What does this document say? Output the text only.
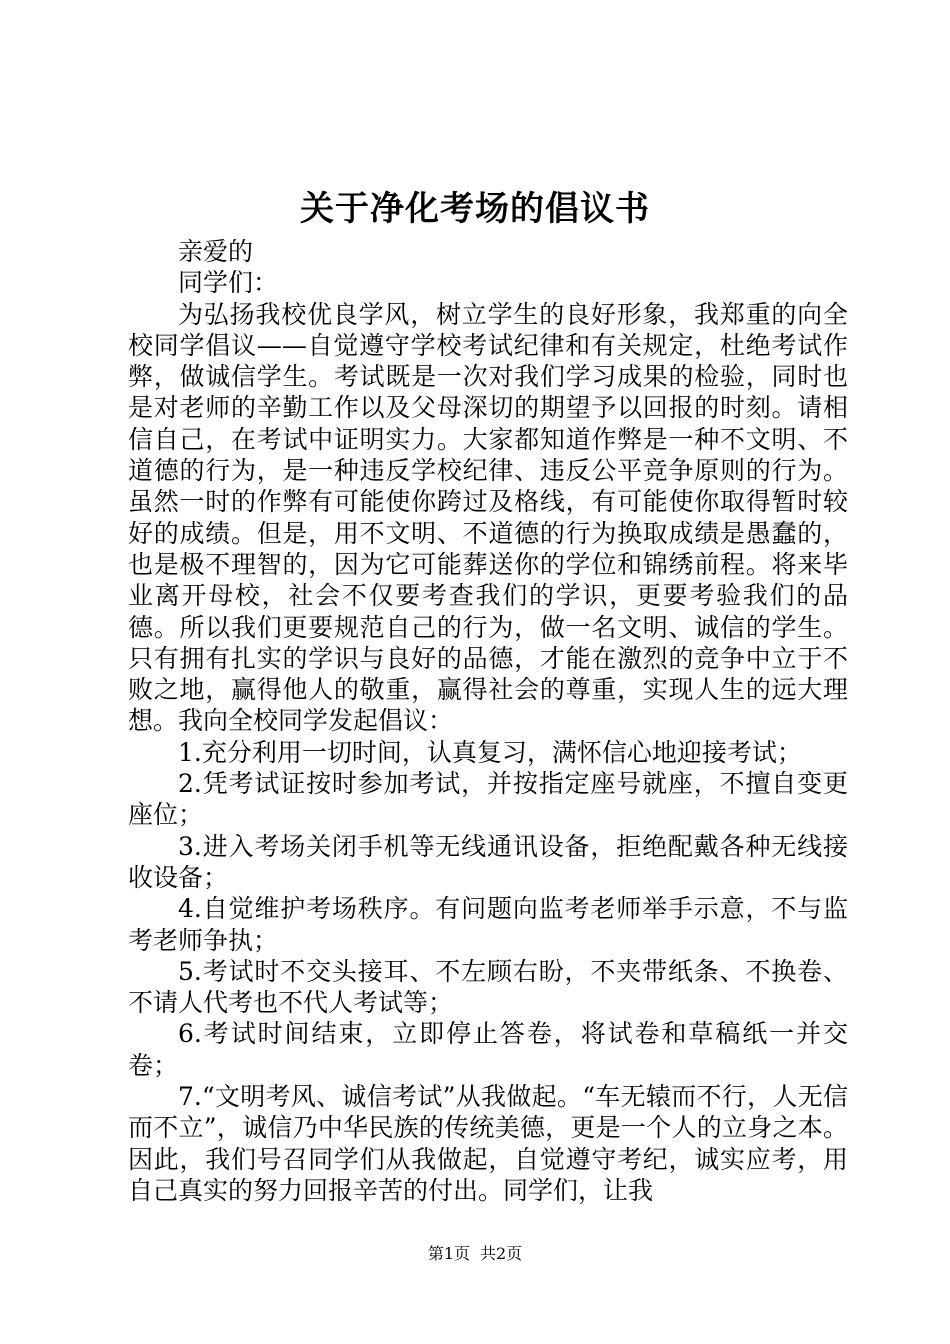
关于净化考场的倡议书

亲爱的

同学们：

为弘扬我校优良学风，树立学生的良好形象，我郑重的向全校同学倡议——自觉遵守学校考试纪律和有关规定，杜绝考试作弊，做诚信学生。考试既是一次对我们学习成果的检验，同时也是对老师的辛勤工作以及父母深切的期望予以回报的时刻。请相信自己，在考试中证明实力。大家都知道作弊是一种不文明、不道德的行为，是一种违反学校纪律、违反公平竞争原则的行为。虽然一时的作弊有可能使你跨过及格线，有可能使你取得暂时较好的成绩。但是，用不文明、不道德的行为换取成绩是愚蠢的，也是极不理智的，因为它可能葬送你的学位和锦绣前程。将来毕业离开母校，社会不仅要考查我们的学识，更要考验我们的品德。所以我们更要规范自己的行为，做一名文明、诚信的学生。只有拥有扎实的学识与良好的品德，才能在激烈的竞争中立于不败之地，赢得他人的敬重，赢得社会的尊重，实现人生的远大理想。我向全校同学发起倡议：

1.充分利用一切时间，认真复习，满怀信心地迎接考试；

2.凭考试证按时参加考试，并按指定座号就座，不擅自变更座位；

3.进入考场关闭手机等无线通讯设备，拒绝配戴各种无线接收设备；

4.自觉维护考场秩序。有问题向监考老师举手示意，不与监考老师争执；

5.考试时不交头接耳、不左顾右盼，不夹带纸条、不换卷、不请人代考也不代人考试等；

6.考试时间结束，立即停止答卷，将试卷和草稿纸一并交卷；

7.“文明考风、诚信考试”从我做起。“车无辕而不行，人无信而不立”，诚信乃中华民族的传统美德，更是一个人的立身之本。因此，我们号召同学们从我做起，自觉遵守考纪，诚实应考，用自己真实的努力回报辛苦的付出。同学们，让我

第1页 共2页
